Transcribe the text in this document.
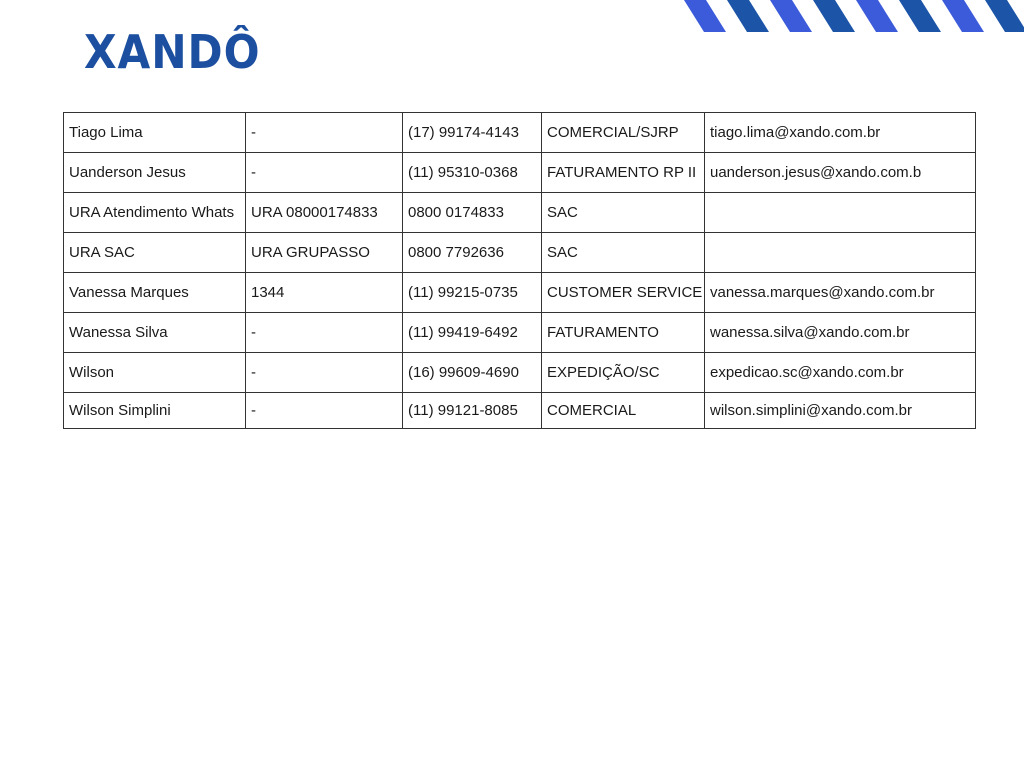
XANDÔ
Tiago Lima	-	(17) 99174-4143	COMERCIAL/SJRP	tiago.lima@xando.com.br
Uanderson Jesus	-	(11) 95310-0368	FATURAMENTO RP II	uanderson.jesus@xando.com.b
URA Atendimento Whats	URA 08000174833	0800 0174833	SAC	
URA SAC	URA GRUPASSO	0800 7792636	SAC	
Vanessa Marques	1344	(11) 99215-0735	CUSTOMER SERVICE	vanessa.marques@xando.com.br
Wanessa Silva	-	(11) 99419-6492	FATURAMENTO	wanessa.silva@xando.com.br
Wilson	-	(16) 99609-4690	EXPEDIÇÃO/SC	expedicao.sc@xando.com.br
Wilson Simplini	-	(11) 99121-8085	COMERCIAL	wilson.simplini@xando.com.br
